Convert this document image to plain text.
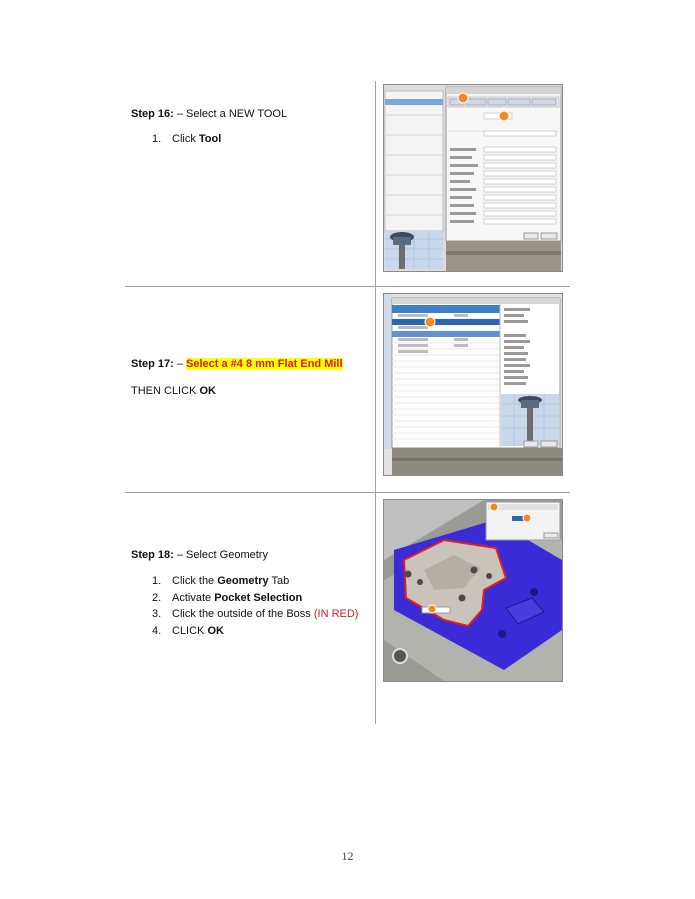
Step 16: – Select a NEW TOOL
1. Click Tool
Step 17: – Select a #4 8 mm Flat End Mill
THEN CLICK OK
Step 18: – Select Geometry
1. Click the Geometry Tab
2. Activate Pocket Selection
3. Click the outside of the Boss (IN RED)
4. CLICK OK
12
